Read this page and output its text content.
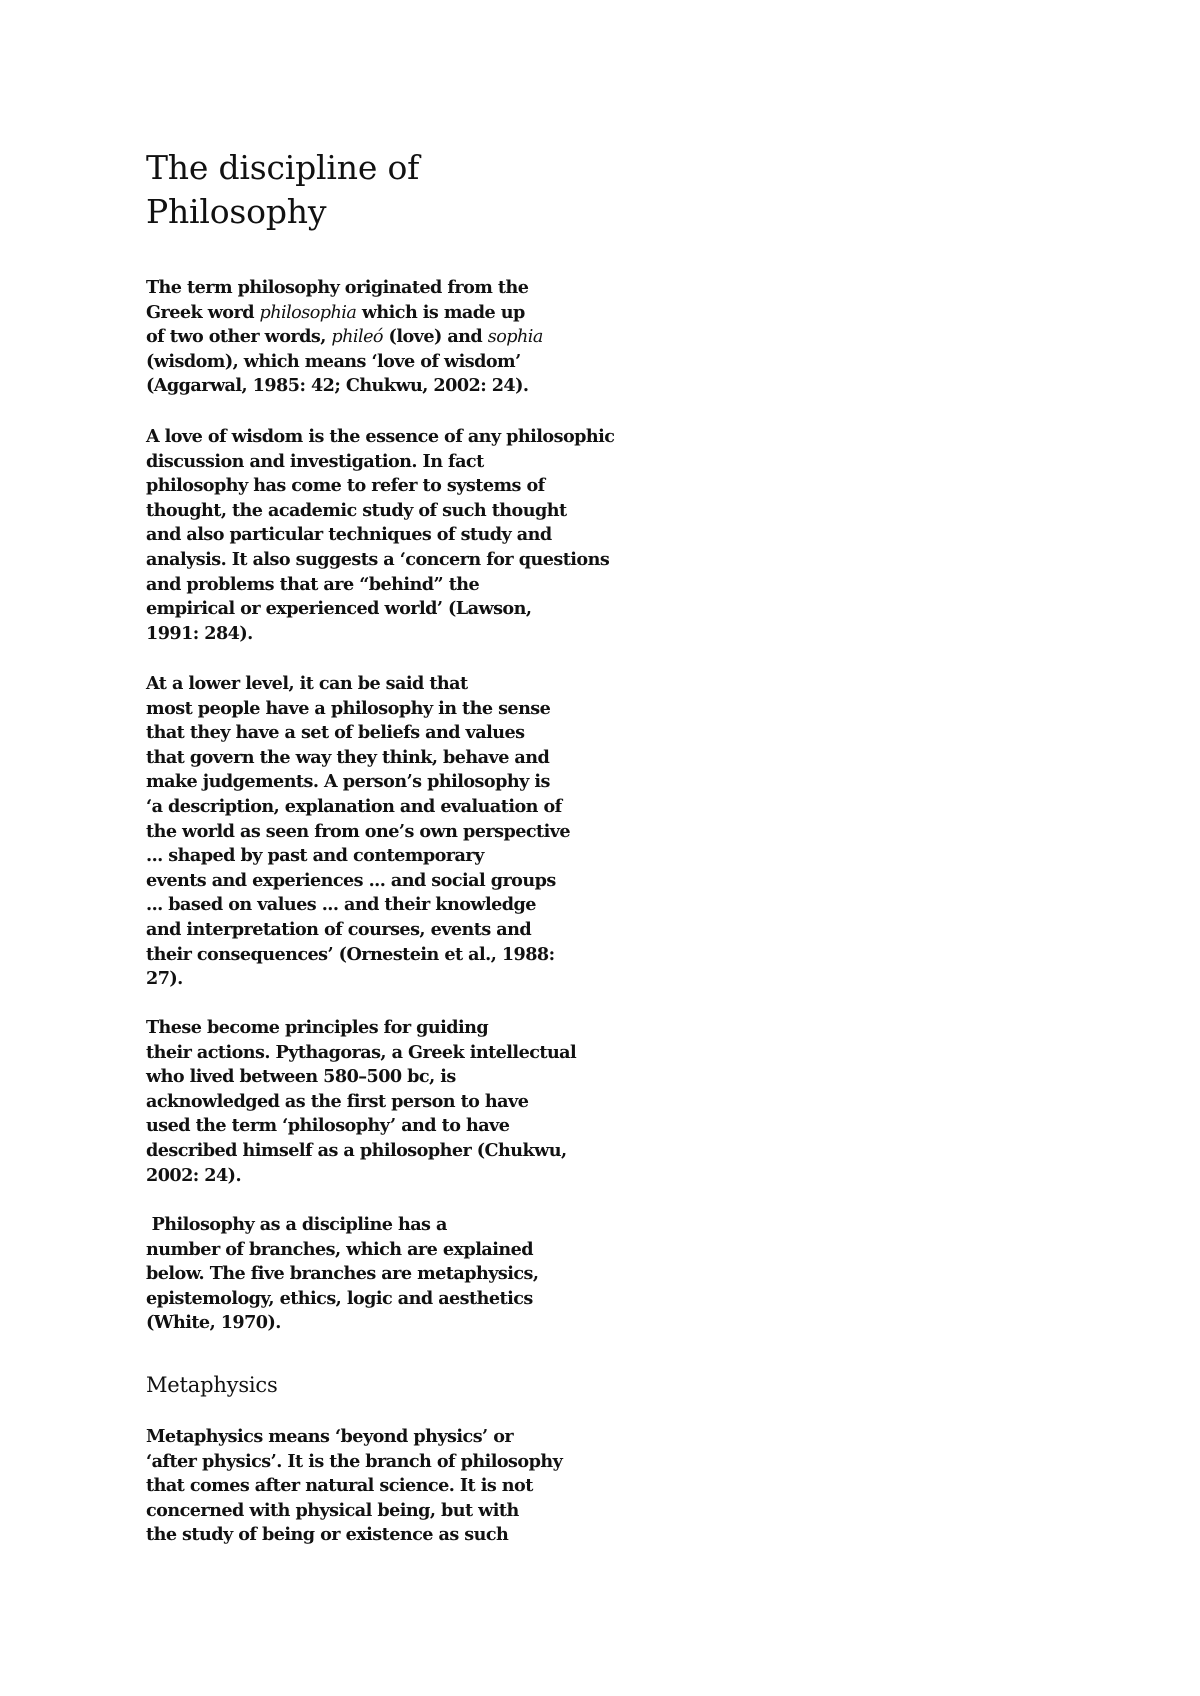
The discipline of
Philosophy
The term philosophy originated from the
Greek word philosophia which is made up
of two other words, phileó (love) and sophia
(wisdom), which means ‘love of wisdom’
(Aggarwal, 1985: 42; Chukwu, 2002: 24).
A love of wisdom is the essence of any philosophic
discussion and investigation. In fact
philosophy has come to refer to systems of
thought, the academic study of such thought
and also particular techniques of study and
analysis. It also suggests a ‘concern for questions
and problems that are “behind” the
empirical or experienced world’ (Lawson,
1991: 284).
At a lower level, it can be said that
most people have a philosophy in the sense
that they have a set of beliefs and values
that govern the way they think, behave and
make judgements. A person’s philosophy is
‘a description, explanation and evaluation of
the world as seen from one’s own perspective
... shaped by past and contemporary
events and experiences ... and social groups
... based on values ... and their knowledge
and interpretation of courses, events and
their consequences’ (Ornestein et al., 1988:
27).
These become principles for guiding
their actions. Pythagoras, a Greek intellectual
who lived between 580–500 bc, is
acknowledged as the first person to have
used the term ‘philosophy’ and to have
described himself as a philosopher (Chukwu,
2002: 24).
Philosophy as a discipline has a
number of branches, which are explained
below. The five branches are metaphysics,
epistemology, ethics, logic and aesthetics
(White, 1970).
Metaphysics
Metaphysics means ‘beyond physics’ or
‘after physics’. It is the branch of philosophy
that comes after natural science. It is not
concerned with physical being, but with
the study of being or existence as such
